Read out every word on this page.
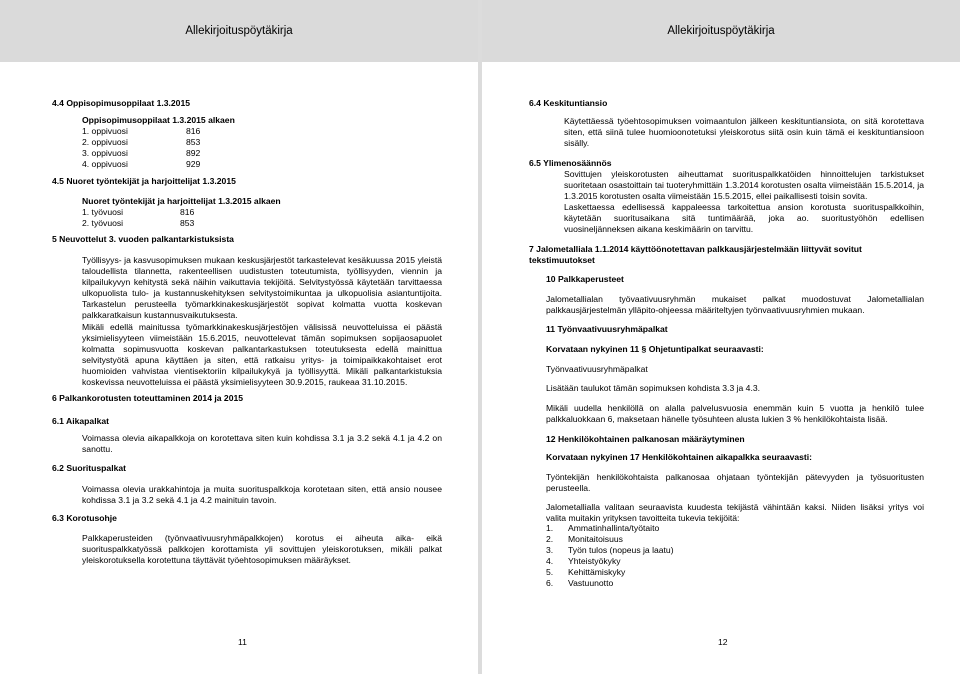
Allekirjoituspöytäkirja
4.4 Oppisopimusoppilaat 1.3.2015
Oppisopimusoppilaat 1.3.2015 alkaen
1. oppivuosi	816
2. oppivuosi	853
3. oppivuosi	892
4. oppivuosi	929
4.5 Nuoret työntekijät ja harjoittelijat 1.3.2015
Nuoret työntekijät ja harjoittelijat 1.3.2015 alkaen
1. työvuosi	816
2. työvuosi	853
5 Neuvottelut 3. vuoden palkantarkistuksista
Työllisyys- ja kasvusopimuksen mukaan keskusjärjestöt tarkastelevat kesäkuussa 2015 yleistä taloudellista tilannetta, rakenteellisen uudistusten toteutumista, työllisyyden, viennin ja kilpailukyvyn kehitystä sekä näihin vaikuttavia tekijöitä. Selvitystyössä käytetään tarvittaessa ulkopuolista tulo- ja kustannuskehityksen selvitystoimikuntaa ja ulkopuolisia asiantuntijoita. Tarkastelun perusteella työmarkkinakeskusjärjestöt sopivat kolmatta vuotta koskevan palkkaratkaisun kustannusvaikutuksesta.
Mikäli edellä mainitussa työmarkkinakeskusjärjestöjen välisissä neuvotteluissa ei päästä yksimielisyyteen viimeistään 15.6.2015, neuvottelevat tämän sopimuksen sopijaosapuolet kolmatta sopimusvuotta koskevan palkantarkastuksen toteutuksesta edellä mainittua selvitystyötä apuna käyttäen ja siten, että ratkaisu yritys- ja toimipaikkakohtaiset erot huomioiden vahvistaa vientisektoriin kilpailukykyä ja työllisyyttä. Mikäli palkantarkistuksia koskevissa neuvotteluissa ei päästä yksimielisyyteen 30.9.2015, raukeaa 31.10.2015.
6 Palkankorotusten toteuttaminen 2014 ja 2015
6.1 Aikapalkat
Voimassa olevia aikapalkkoja on korotettava siten kuin kohdissa 3.1 ja 3.2 sekä 4.1 ja 4.2 on sanottu.
6.2 Suorituspalkat
Voimassa olevia urakkahintoja ja muita suorituspalkkoja korotetaan siten, että ansio nousee kohdissa 3.1 ja 3.2 sekä 4.1 ja 4.2 mainituin tavoin.
6.3 Korotusohje
Palkkaperusteiden (työnvaativuusryhmäpalkkojen) korotus ei aiheuta aika- eikä suorituspalkkatyössä palkkojen korottamista yli sovittujen yleiskorotuksen, mikäli palkat yleiskorotuksella korotettuna täyttävät työehtosopimuksen määräykset.
11
Allekirjoituspöytäkirja
6.4 Keskituntiansio
Käytettäessä työehtosopimuksen voimaantulon jälkeen keskituntiansiota, on sitä korotettava siten, että siinä tulee huomioonotetuksi yleiskorotus siitä osin kuin tämä ei keskituntiansioon sisälly.
6.5 Ylimenosäännös
Sovittujen yleiskorotusten aiheuttamat suorituspalkkatöiden hinnoittelujen tarkistukset suoritetaan osastoittain tai tuoteryhmittäin 1.3.2014 korotusten osalta viimeistään 15.5.2014, ja 1.3.2015 korotusten osalta viimeistään 15.5.2015, ellei paikallisesti toisin sovita.
Laskettaessa edellisessä kappaleessa tarkoitettua ansion korotusta suorituspalkkoihin, käytetään suoritusaikana sitä tuntimäärää, joka ao. suoritustyöhön edellisen vuosineljänneksen aikana keskimäärin on tarvittu.
7 Jalometalliala 1.1.2014 käyttöönotettavan palkkausjärjestelmään liittyvät sovitut tekstimuutokset
10 Palkkaperusteet
Jalometallialan työvaativuusryhmän mukaiset palkat muodostuvat Jalometallialan palkkausjärjestelmän ylläpito-ohjeessa määriteltyjen työnvaativuusryhmien mukaan.
11 Työnvaativuusryhmäpalkat
Korvataan nykyinen 11 § Ohjetuntipalkat seuraavasti:
Työnvaativuusryhmäpalkat
Lisätään taulukot tämän sopimuksen kohdista 3.3 ja 4.3.
Mikäli uudella henkilöllä on alalla palvelusvuosia enemmän kuin 5 vuotta ja henkilö tulee palkkaluokkaan 6, maksetaan hänelle työsuhteen alusta lukien 3 % henkilökohtaista lisää.
12 Henkilökohtainen palkanosan määräytyminen
Korvataan nykyinen 17 Henkilökohtainen aikapalkka seuraavasti:
Työntekijän henkilökohtaista palkanosaa ohjataan työntekijän pätevyyden ja työsuoritusten perusteella.
Jalometallialla valitaan seuraavista kuudesta tekijästä vähintään kaksi. Niiden lisäksi yritys voi valita muitakin yrityksen tavoitteita tukevia tekijöitä:
1. Ammatinhallinta/työtaito
2. Monitaitoisuus
3. Työn tulos (nopeus ja laatu)
4. Yhteistyökyky
5. Kehittämiskyky
6. Vastuunotto
12
